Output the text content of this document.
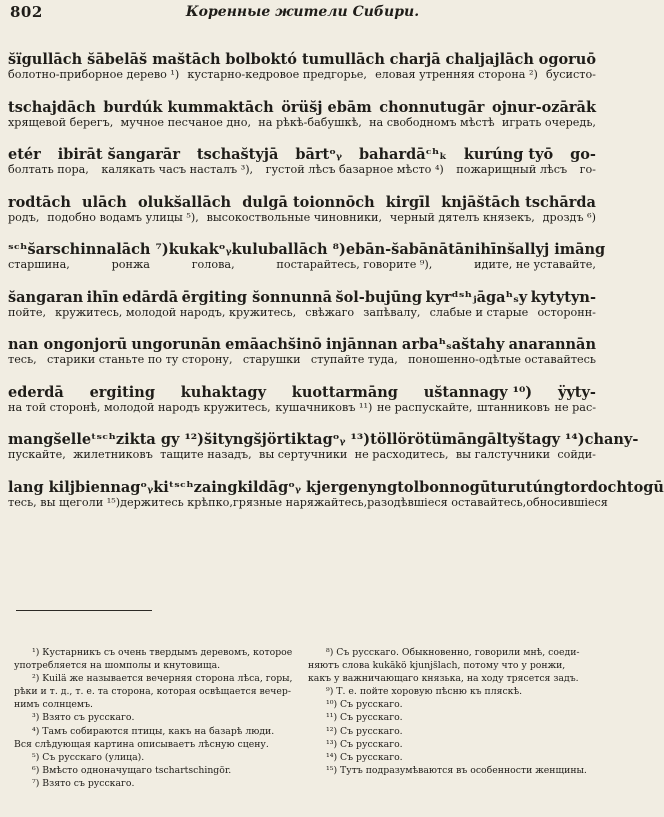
802	Коренные жители Сибири.
s̆ïgullāch s̆ābelās̆ mas̆tāch bolboktó tumullāch charjā chaljajlāch ogoruō
болотно-приборное дерево ¹) кустарно-кедровое предгорье, еловая утренняя сторона ²) бусисто-
tschajdāch burdúk kummaktāch örüs̆j ebām chonnutugār ojnur-ozārāk
хрящевой берегъ, мучное песчаное дно, на рѣкѣ-бабушкѣ, на свободномъ мѣстѣ играть очередь,
etér ibirāt s̆angarār tschas̆tyjā bārtᵒᵧ bahardāᶜʰₖ kurúng tyō go-
болтать пора, калякать часъ насталъ ³), густой лѣсъ базарное мѣсто ⁴) пожарищный лѣсъ го-
rodtāch ulāch oluks̆allāch dulgā toionnōch kirgīl knjās̆tāch tschārda
родъ, подобно водамъ улицы ⁵), высокоствольные чиновники, черный дятелъ князекъ, дроздъ ⁶)
ˢᶜʰs̆arschinnalāch ⁷) kukakᵒᵧ kuluballāch ⁸) ebān-s̆abān ātān ihīn s̆allyj imāng
старшина,	ронжа	голова,	постарайтесь, говорите ⁹),	идите, не уставайте,
s̆angaran ihīn edārdā ērgiting s̆onnunnā s̆ol-bujūng kyrᵈˢʰⱼāgaʰₛy kytytyn-
пойте, кружитесь, молодой народъ, кружитесь, свѣжаго запѣвалу, слабые и старые осторонн-
nan ongonjorū ungorunān emāachs̆inō injānnan arbaʰₛas̆tahy anarannān
тесь, старики станьте по ту сторону, старушки ступайте туда, поношенно-одѣтые оставайтесь
ederdā ergiting kuhaktagy kuottarmāng us̆tannagy ¹⁰) ÿyty-
на той сторонѣ, молодой народъ кружитесь, кушачниковъ ¹¹) не распускайте, штанниковъ не рас-
mang s̆elleᵗˢᶜʰzikta gy ¹²) s̆ityng s̆jörtiktagᵒᵧ ¹³) töllörötümāng āltys̆tagy ¹⁴) chany-
пускайте, жилетниковъ тащите назадъ, вы сертучники не расходитесь, вы галстучники сойди-
lang kiljbiennagᵒᵧ kiᵗˢᶜʰzaing kildāgᵒᵧ kjergenyng tolbonnogū turutúng tordochtogū
тесь, вы щеголи ¹⁵) держитесь крѣпко, грязные наряжайтесь, разодѣвшіеся оставайтесь, обносившіеся

¹) Кустарникъ съ очень твердымъ деревомъ, которое

употребляется на шомполы и кнутовища.

²) Kuilä же называется вечерняя сторона лѣса, горы,

рѣки и т. д., т. е. та сторона, которая освѣщается вечер-

нимъ солнцемъ.

³) Взято съ русскаго.

⁴) Тамъ собираются птицы, какъ на базарѣ люди.

Вся слѣдующая картина описываетъ лѣсную сцену.

⁵) Съ русскаго (улица).

⁶) Вмѣсто одноначущаго tschartschingör.

⁷) Взято съ русскаго.

⁸) Съ русскаго. Обыкновенно, говорили мнѣ, соеди-

няютъ слова kukākö kjunjs̆lach, потому что у ронжи,

какъ у важничающаго князька, на ходу трясется задъ.

⁹) Т. е. пойте хоровую пѣсню къ пляскѣ.

¹⁰) Съ русскаго.

¹¹) Съ русскаго.

¹²) Съ русскаго.

¹³) Съ русскаго.

¹⁴) Съ русскаго.

¹⁵) Тутъ подразумѣваются въ особенности женщины.
